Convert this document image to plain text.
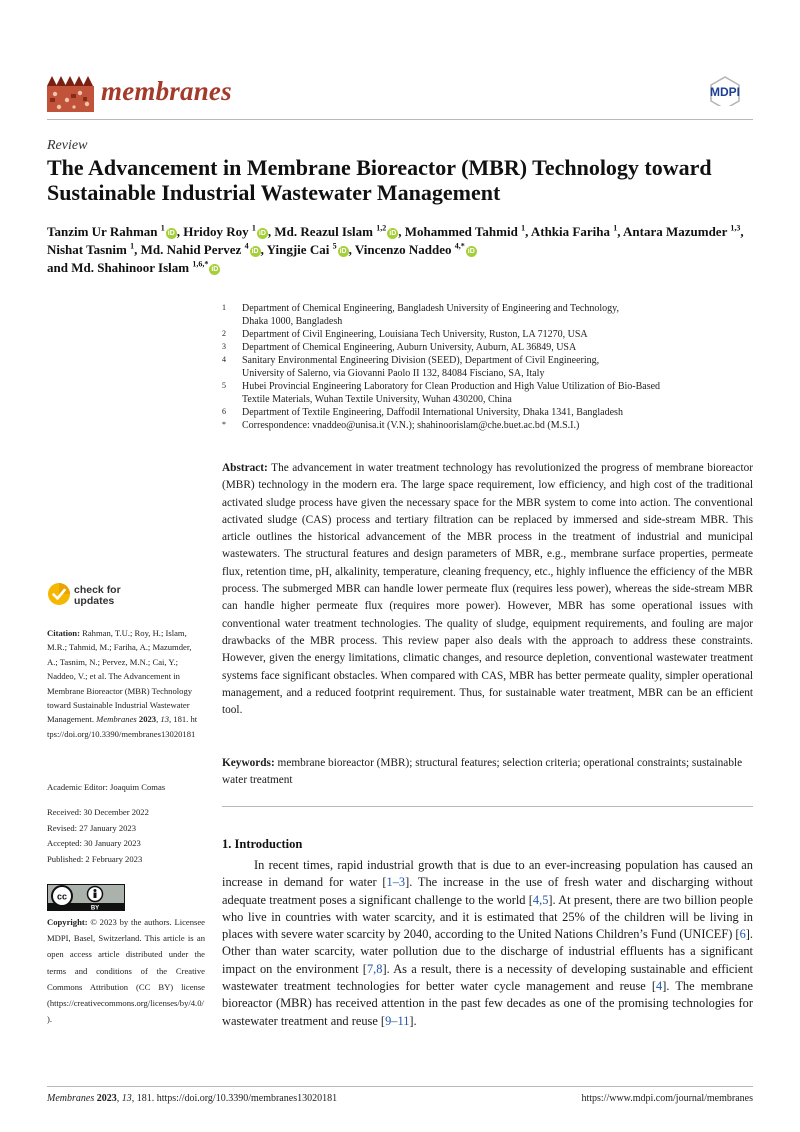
membranes	MDPI
Review
The Advancement in Membrane Bioreactor (MBR) Technology toward Sustainable Industrial Wastewater Management
Tanzim Ur Rahman $^1$iD , Hridoy Roy $^1$iD , Md. Reazul Islam $^{1,2}$iD , Mohammed Tahmid $^1$, Athkia Fariha $^1$, Antara Mazumder $^{1,3}$, Nishat Tasnim $^1$, Md. Nahid Pervez $^4$iD , Yingjie Cai $^5$iD , Vincenzo Naddeo $^{4,*}$iD
and Md. Shahinoor Islam $^{1,6,*}$iD
1 Department of Chemical Engineering, Bangladesh University of Engineering and Technology,
Dhaka 1000, Bangladesh
2 Department of Civil Engineering, Louisiana Tech University, Ruston, LA 71270, USA
3 Department of Chemical Engineering, Auburn University, Auburn, AL 36849, USA
4 Sanitary Environmental Engineering Division (SEED), Department of Civil Engineering,
University of Salerno, via Giovanni Paolo II 132, 84084 Fisciano, SA, Italy
5 Hubei Provincial Engineering Laboratory for Clean Production and High Value Utilization of Bio-Based
Textile Materials, Wuhan Textile University, Wuhan 430200, China
6 Department of Textile Engineering, Daffodil International University, Dhaka 1341, Bangladesh
* Correspondence: vnaddeo@unisa.it (V.N.); shahinoorislam@che.buet.ac.bd (M.S.I.)
Abstract: The advancement in water treatment technology has revolutionized the progress of membrane bioreactor (MBR) technology in the modern era. The large space requirement, low efficiency, and high cost of the traditional activated sludge process have given the necessary space for the MBR system to come into action. The conventional activated sludge (CAS) process and tertiary filtration can be replaced by immersed and side-stream MBR. This article outlines the historical advancement of the MBR process in the treatment of industrial and municipal wastewaters. The structural features and design parameters of MBR, e.g., membrane surface properties, permeate flux, retention time, pH, alkalinity, temperature, cleaning frequency, etc., highly influence the efficiency of the MBR process. The submerged MBR can handle lower permeate flux (requires less power), whereas the side-stream MBR can handle higher permeate flux (requires more power). However, MBR has some operational issues with conventional water treatment technologies. The quality of sludge, equipment requirements, and fouling are major drawbacks of the MBR process. This review paper also deals with the approach to address these constraints. However, given the energy limitations, climatic changes, and resource depletion, conventional wastewater treatment systems face significant obstacles. When compared with CAS, MBR has better permeate quality, simpler operational management, and a reduced footprint requirement. Thus, for sustainable water treatment, MBR can be an efficient tool.
Keywords: membrane bioreactor (MBR); structural features; selection criteria; operational constraints; sustainable water treatment
1. Introduction
In recent times, rapid industrial growth that is due to an ever-increasing population has caused an increase in demand for water [1–3]. The increase in the use of fresh water and discharging without adequate treatment poses a significant challenge to the world [4,5]. At present, there are two billion people who live in countries with water scarcity, and it is estimated that 25% of the children will be living in places with severe water scarcity by 2040, according to the United Nations Children’s Fund (UNICEF) [6]. Other than water scarcity, water pollution due to the discharge of industrial effluents has a significant impact on the environment [7,8]. As a result, there is a necessity of developing sustainable and efficient wastewater treatment technologies for better water cycle management and reuse [4]. The membrane bioreactor (MBR) has received attention in the past few decades as one of the promising technologies for wastewater treatment and reuse [9–11].
check for
updates
Citation: Rahman, T.U.; Roy, H.; Islam, M.R.; Tahmid, M.; Fariha, A.; Mazumder, A.; Tasnim, N.; Pervez, M.N.; Cai, Y.; Naddeo, V.; et al. The Advancement in Membrane Bioreactor (MBR) Technology toward Sustainable Industrial Wastewater Management. Membranes 2023, 13, 181. https://doi.org/10.3390/membranes13020181
Academic Editor: Joaquim Comas
Received: 30 December 2022
Revised: 27 January 2023
Accepted: 30 January 2023
Published: 2 February 2023
cc
BY
Copyright: © 2023 by the authors. Licensee MDPI, Basel, Switzerland. This article is an open access article distributed under the terms and conditions of the Creative Commons Attribution (CC BY) license (https://creativecommons.org/licenses/by/4.0/).
Membranes 2023, 13, 181. https://doi.org/10.3390/membranes13020181	https://www.mdpi.com/journal/membranes
